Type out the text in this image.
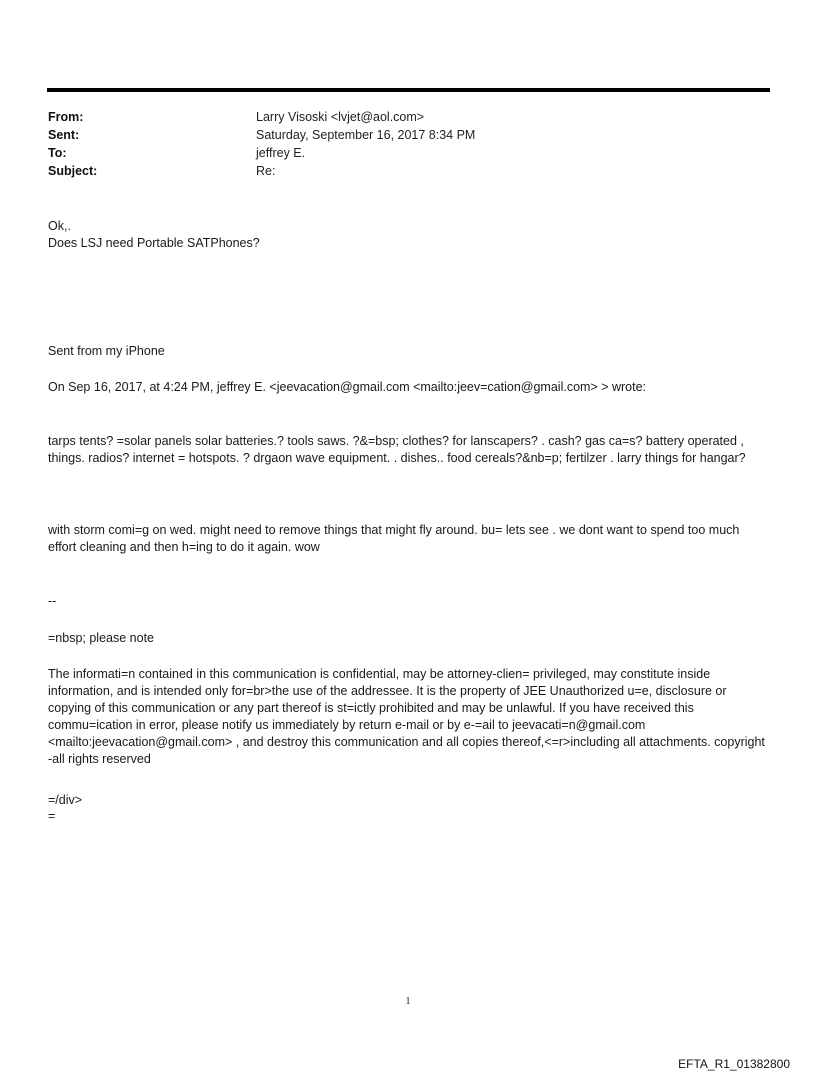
From:	Larry Visoski <lvjet@aol.com>
Sent:	Saturday, September 16, 2017 8:34 PM
To:	jeffrey E.
Subject:	Re:
Ok,.
Does LSJ need Portable SATPhones?
Sent from my iPhone
On Sep 16, 2017, at 4:24 PM, jeffrey E. <jeevacation@gmail.com <mailto:jeev=cation@gmail.com> > wrote:
tarps tents? =solar panels solar batteries.? tools saws. ?&=bsp; clothes? for lanscapers? . cash? gas ca=s? battery operated , things. radios? internet = hotspots. ? drgaon wave equipment. . dishes.. food cereals?&nb=p; fertilzer . larry things for hangar?
with storm comi=g on wed. might need to remove things that might fly around. bu= lets see . we dont want to spend too much effort cleaning and then h=ing to do it again. wow
--
=nbsp; please note
The informati=n contained in this communication is confidential, may be attorney-clien= privileged, may constitute inside information, and is intended only for=br>the use of the addressee. It is the property of JEE Unauthorized u=e, disclosure or copying of this communication or any part thereof is st=ictly prohibited and may be unlawful. If you have received this commu=ication in error, please notify us immediately by return e-mail or by e-=ail to jeevacati=n@gmail.com <mailto:jeevacation@gmail.com> , and destroy this communication and all copies thereof,<=r>including all attachments. copyright -all rights reserved
=/div>
=
1
EFTA_R1_01382800
